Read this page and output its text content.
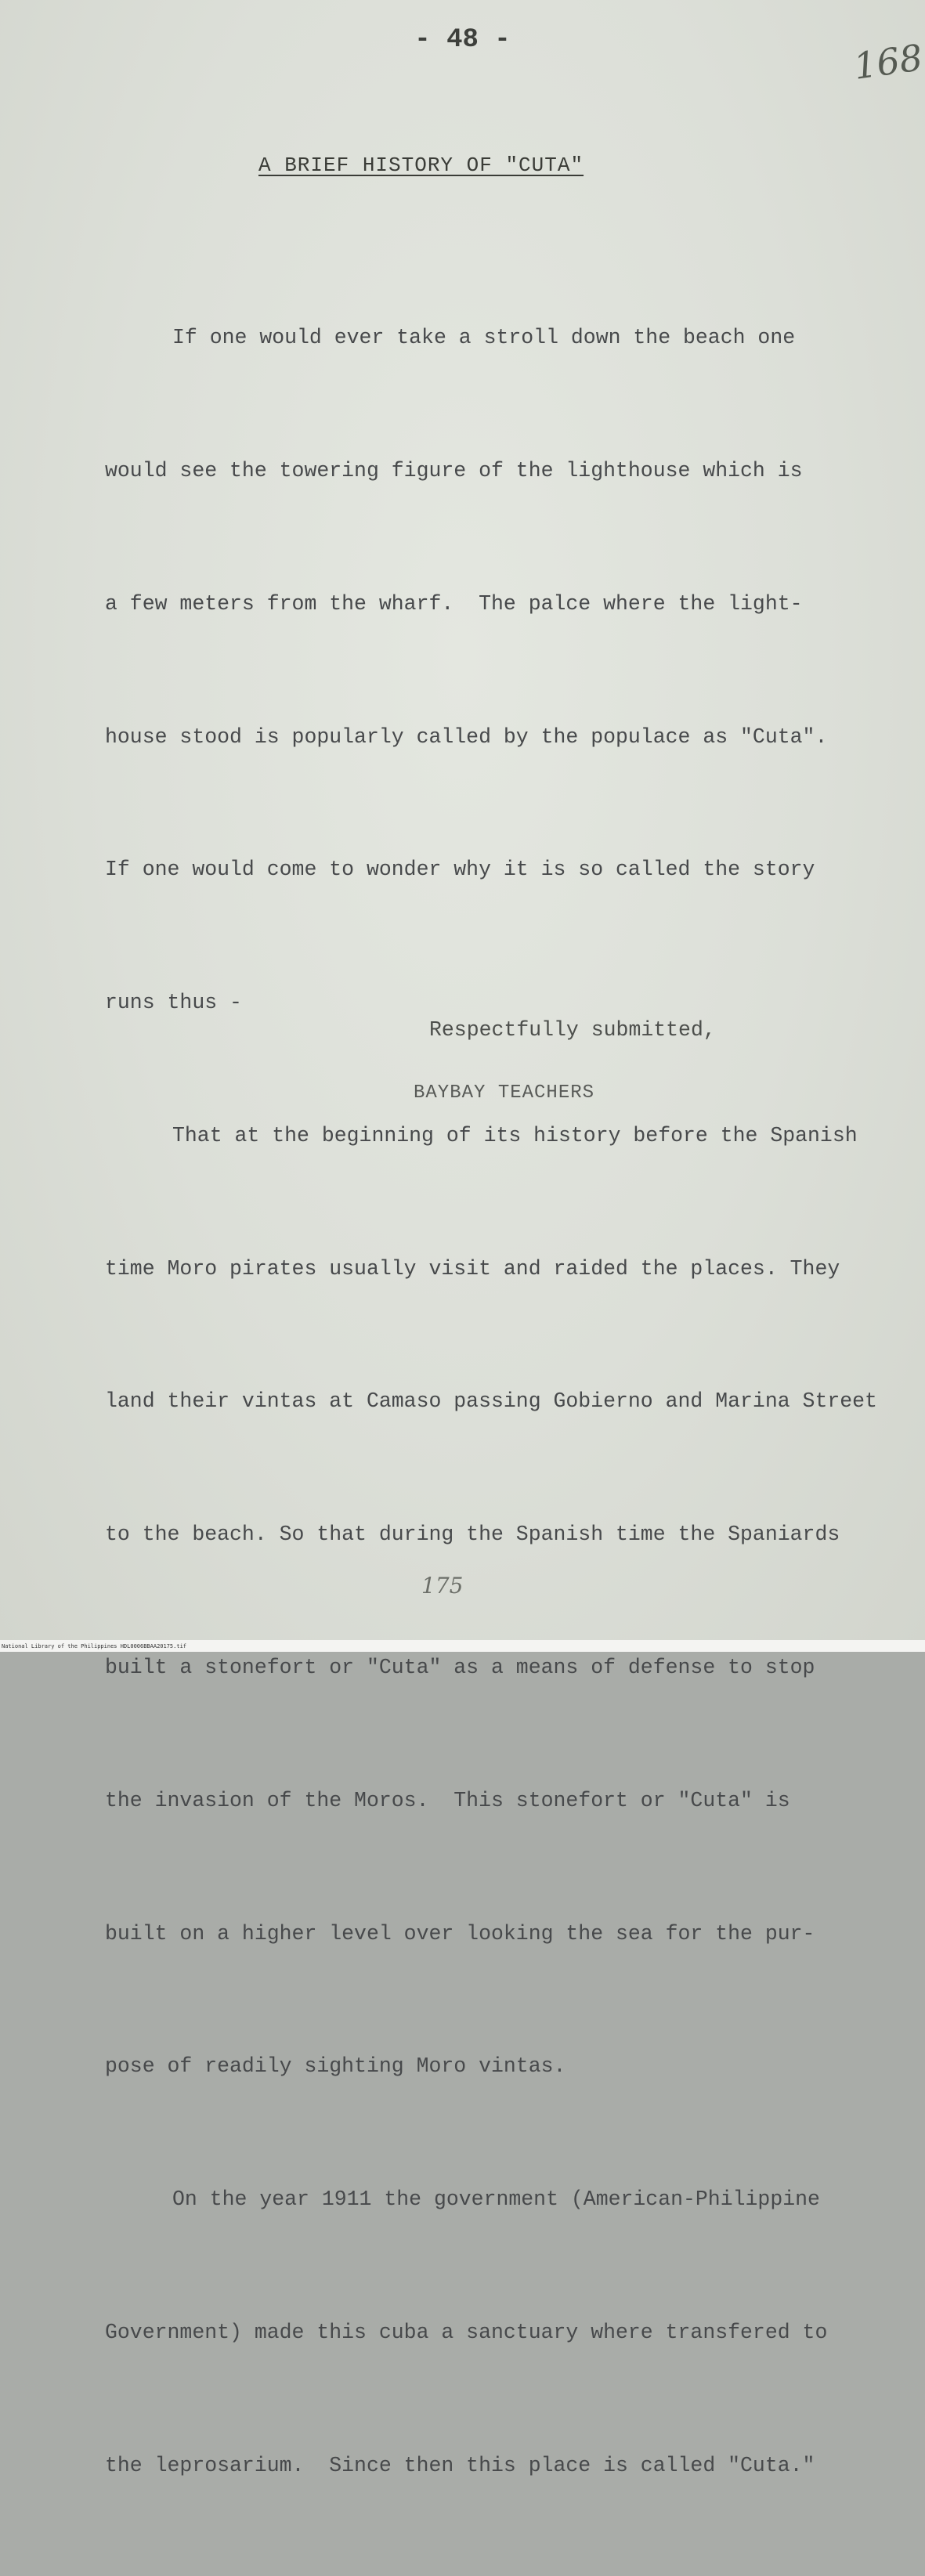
- 48 -	168
A BRIEF HISTORY OF "CUTA"

If one would ever take a stroll down the beach one

would see the towering figure of the lighthouse which is

a few meters from the wharf.  The palce where the light-

house stood is popularly called by the populace as "Cuta".

If one would come to wonder why it is so called the story

runs thus -

That at the beginning of its history before the Spanish

time Moro pirates usually visit and raided the places. They

land their vintas at Camaso passing Gobierno and Marina Street

to the beach. So that during the Spanish time the Spaniards

built a stonefort or "Cuta" as a means of defense to stop

the invasion of the Moros.  This stonefort or "Cuta" is

built on a higher level over looking the sea for the pur-

pose of readily sighting Moro vintas.

On the year 1911 the government (American-Philippine

Government) made this cuba a sanctuary where transfered to

the leprosarium.  Since then this place is called "Cuta."

Respectfully submitted,
BAYBAY TEACHERS
175
National Library of the Philippines HDL0006BBAA20175.tif
